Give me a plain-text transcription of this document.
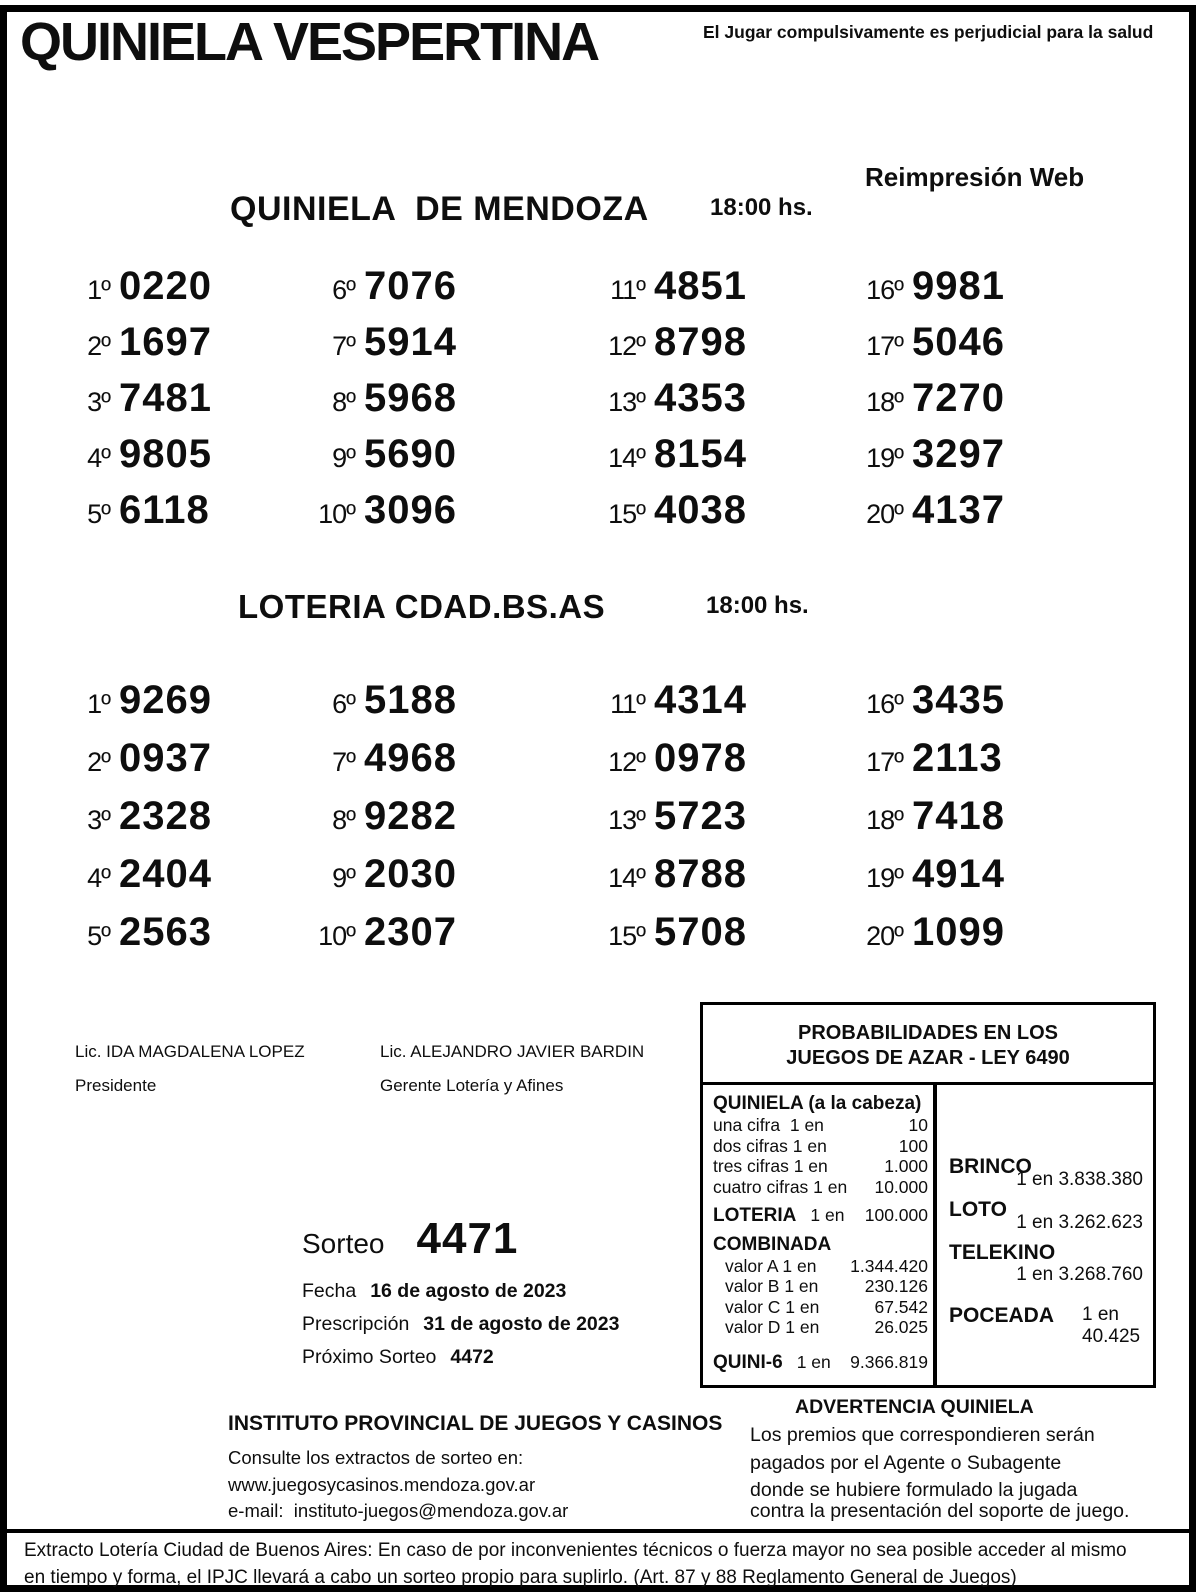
QUINIELA VESPERTINA	El Jugar compulsivamente es perjudicial para la salud
Reimpresión Web
QUINIELA  DE MENDOZA	18:00 hs.
1º 0220
2º 1697
3º 7481
4º 9805
5º 6118
6º 7076
7º 5914
8º 5968
9º 5690
10º 3096
11º 4851
12º 8798
13º 4353
14º 8154
15º 4038
16º 9981
17º 5046
18º 7270
19º 3297
20º 4137
LOTERIA CDAD.BS.AS	18:00 hs.
1º 9269
2º 0937
3º 2328
4º 2404
5º 2563
6º 5188
7º 4968
8º 9282
9º 2030
10º 2307
11º 4314
12º 0978
13º 5723
14º 8788
15º 5708
16º 3435
17º 2113
18º 7418
19º 4914
20º 1099
Lic. IDA MAGDALENA LOPEZ
Presidente
Lic. ALEJANDRO JAVIER BARDIN
Gerente Lotería y Afines
Sorteo 4471
Fecha 16 de agosto de 2023
Prescripción 31 de agosto de 2023
Próximo Sorteo 4472
PROBABILIDADES EN LOS
JUEGOS DE AZAR - LEY 6490
QUINIELA (a la cabeza)
una cifra  1 en	10
dos cifras 1 en	100
tres cifras 1 en	1.000
cuatro cifras 1 en	10.000
LOTERIA 1 en	100.000
COMBINADA
valor A 1 en	1.344.420
valor B 1 en	230.126
valor C 1 en	67.542
valor D 1 en	26.025
QUINI-6 1 en	9.366.819
BRINCO
1 en 3.838.380
LOTO
1 en 3.262.623
TELEKINO
1 en 3.268.760
POCEADA 1 en 40.425
INSTITUTO PROVINCIAL DE JUEGOS Y CASINOS
Consulte los extractos de sorteo en:
www.juegosycasinos.mendoza.gov.ar
e-mail:  instituto-juegos@mendoza.gov.ar
ADVERTENCIA QUINIELA
Los premios que correspondieren serán
pagados por el Agente o Subagente
donde se hubiere formulado la jugada
contra la presentación del soporte de juego.
Extracto Lotería Ciudad de Buenos Aires: En caso de por inconvenientes técnicos o fuerza mayor no sea posible acceder al mismo en tiempo y forma, el IPJC llevará a cabo un sorteo propio para suplirlo. (Art. 87 y 88 Reglamento General de Juegos)
